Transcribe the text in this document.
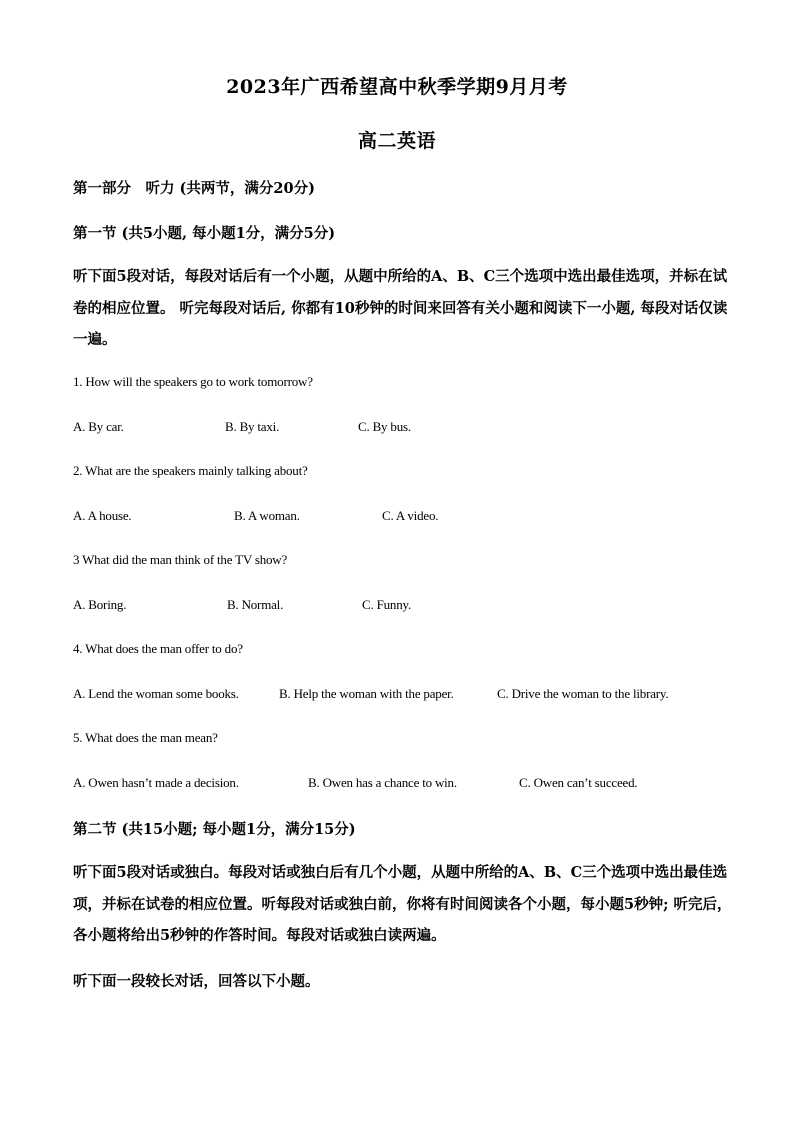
2023年广西希望高中秋季学期9月月考
高二英语
第一部分　听力 (共两节，满分20分)
第一节 (共5小题, 每小题1分，满分5分)
听下面5段对话，每段对话后有一个小题，从题中所给的A、B、C三个选项中选出最佳选项，并标在试卷的相应位置。 听完每段对话后, 你都有10秒钟的时间来回答有关小题和阅读下一小题, 每段对话仅读一遍。
1. How will the speakers go to work tomorrow?
A. By car.	B. By taxi.	C. By bus.
2. What are the speakers mainly talking about?
A. A house.	B. A woman.	C. A video.
3 What did the man think of the TV show?
A. Boring.	B. Normal.	C. Funny.
4. What does the man offer to do?
A. Lend the woman some books.	B. Help the woman with the paper.	C. Drive the woman to the library.
5. What does the man mean?
A. Owen hasn’t made a decision.	B. Owen has a chance to win.	C. Owen can’t succeed.
第二节 (共15小题; 每小题1分，满分15分)
听下面5段对话或独白。每段对话或独白后有几个小题，从题中所给的A、B、C三个选项中选出最佳选项，并标在试卷的相应位置。听每段对话或独白前，你将有时间阅读各个小题，每小题5秒钟; 听完后，各小题将给出5秒钟的作答时间。每段对话或独白读两遍。
听下面一段较长对话，回答以下小题。
